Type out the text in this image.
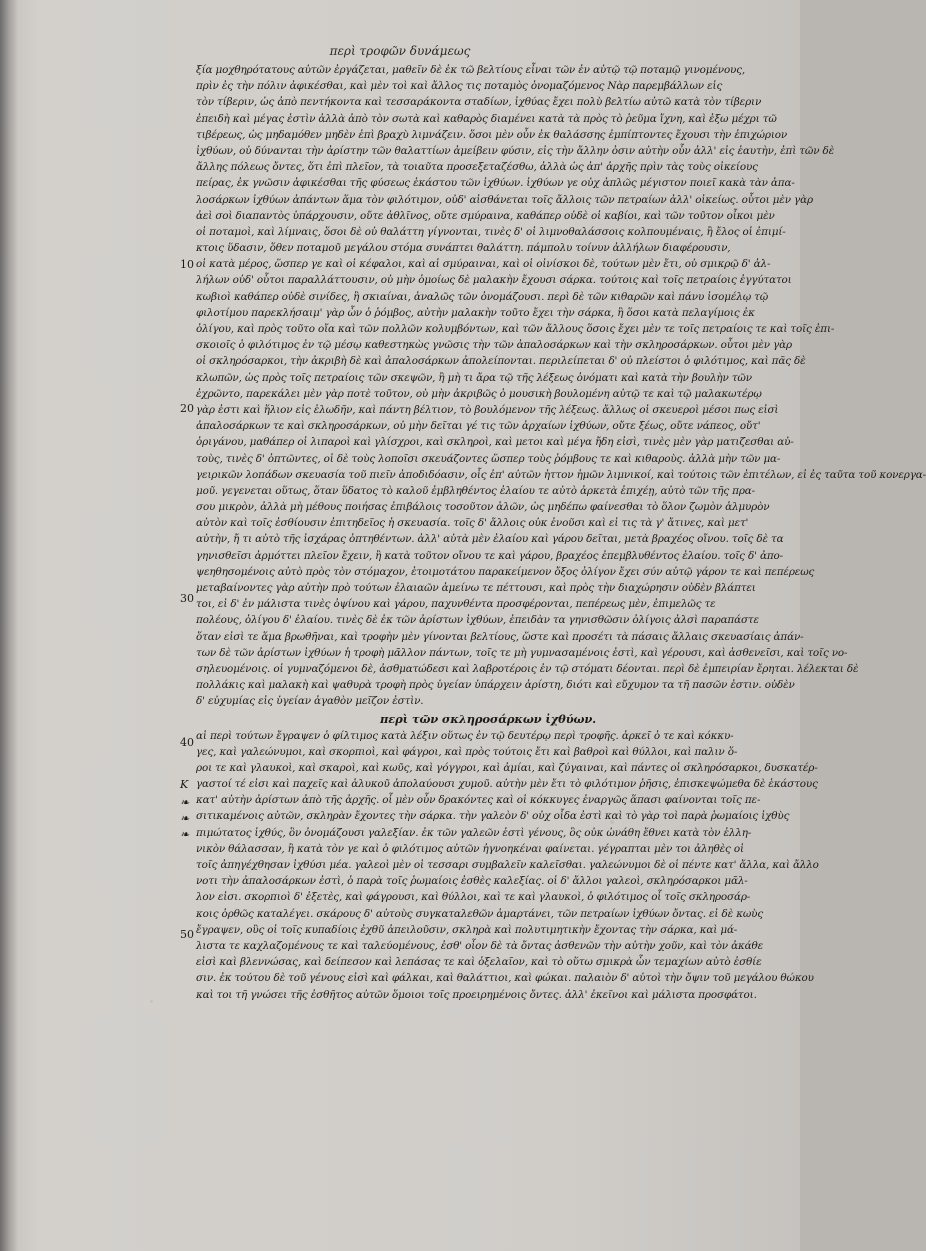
περὶ τροφῶν δυνάμεως
10
20
30
40
50
K
❧
❧
❧
ξία μοχθηρότατους αὐτῶν ἐργάζεται, μαθεῖν δὲ ἐκ τῶ βελτίους εἶναι τῶν ἐν αὐτῷ τῷ ποταμῷ γινομένους,
πρὶν ἐς τὴν πόλιν ἀφικέσθαι, καὶ μὲν τοὶ καὶ ἄλλος τις ποταμὸς ὀνομαζόμενος Νὰρ παρεμβάλλων εἰς
τὸν τίβεριν, ὡς ἀπὸ πεντήκοντα καὶ τεσσαράκοντα σταδίων, ἰχθύας ἔχει πολὺ βελτίω αὐτῶ κατὰ τὸν τίβεριν
ἐπειδὴ καὶ μέγας ἐστὶν ἀλλὰ ἀπὸ τὸν σωτὰ καὶ καθαρὸς διαμένει κατὰ τὰ πρὸς τὸ ῥεῦμα ἴχνη, καὶ ἐξω μέχρι τῶ
τιβέρεως, ὡς μηδαμόθεν μηδὲν ἐπὶ βραχὺ λιμνάζειν. ὅσοι μὲν οὖν ἐκ θαλάσσης ἐμπίπτοντες ἔχουσι τὴν ἐπιχώριον
ἰχθύων, οὐ δύνανται τὴν ἀρίστην τῶν θαλαττίων ἀμείβειν φύσιν, εἰς τὴν ἄλλην ὁσιν αὐτὴν οὖν ἀλλ' εἰς ἑαυτὴν, ἐπὶ τῶν δὲ
ἄλλης πόλεως ὄντες, ὅτι ἐπὶ πλεῖον, τὰ τοιαῦτα προσεξεταζέσθω, ἀλλὰ ὡς ἀπ' ἀρχῆς πρὶν τὰς τοὺς οἰκείους
πείρας, ἐκ γνῶσιν ἀφικέσθαι τῆς φύσεως ἑκάστου τῶν ἰχθύων. ἰχθύων γε οὐχ ἁπλῶς μέγιστον ποιεῖ κακὰ τὰν ἀπα-
λοσάρκων ἰχθύων ἁπάντων ἅμα τὸν φιλότιμον, οὐδ' αἰσθάνεται τοῖς ἄλλοις τῶν πετραίων ἀλλ' οἰκείως. οὗτοι μὲν γὰρ
ἀεὶ σοὶ διαπαντὸς ὑπάρχουσιν, οὔτε ἀθλῖνος, οὔτε σμύραινα, καθάπερ οὐδὲ οἱ καβίοι, καὶ τῶν τοῦτον οἶκοι μὲν
οἱ ποταμοὶ, καὶ λίμναις, ὅσοι δὲ οὐ θαλάττη γίγνονται, τινὲς δ' οἱ λιμνοθαλάσσοις κολπουμέναις, ἢ ἔλος οἱ ἐπιμί-
κτοις ὕδασιν, ὅθεν ποταμοῦ μεγάλου στόμα συνάπτει θαλάττη. πάμπολυ τοίνυν ἀλλήλων διαφέρουσιν,
οἱ κατὰ μέρος, ὥσπερ γε καὶ οἱ κέφαλοι, καὶ αἱ σμύραιναι, καὶ οἱ οἰνίσκοι δὲ, τούτων μὲν ἔτι, οὐ σμικρῷ δ' ἀλ-
λήλων οὐδ' οὗτοι παραλλάττουσιν, οὐ μὴν ὁμοίως δὲ μαλακὴν ἔχουσι σάρκα. τούτοις καὶ τοῖς πετραίοις ἐγγύτατοι
κωβιοὶ καθάπερ οὐδὲ σινίδες, ἢ σκιαίναι, ἀναλῶς τῶν ὀνομάζουσι. περὶ δὲ τῶν κιθαρῶν καὶ πάνυ ἰσομέλῳ τῷ
φιλοτίμου παρεκλήσαιμ' γὰρ ὧν ὁ ῥόμβος, αὐτὴν μαλακὴν τοῦτο ἔχει τὴν σάρκα, ἢ ὅσοι κατὰ πελαγίμοις ἐκ
ὀλίγου, καὶ πρὸς τοῦτο οἴα καὶ τῶν πολλῶν κολυμβόντων, καὶ τῶν ἄλλους ὅσοις ἔχει μὲν τε τοῖς πετραίοις τε καὶ τοῖς ἐπι-
σκοιοῖς ὁ φιλότιμος ἐν τῷ μέσῳ καθεστηκὼς γνῶσις τὴν τῶν ἀπαλοσάρκων καὶ τὴν σκληροσάρκων. οὗτοι μὲν γὰρ
οἱ σκληρόσαρκοι, τὴν ἀκριβὴ δὲ καὶ ἀπαλοσάρκων ἀπολείπονται. περιλείπεται δ' οὐ πλείστοι ὁ φιλότιμος, καὶ πᾶς δὲ
κλωπῶν, ὡς πρὸς τοῖς πετραίοις τῶν σκεψῶν, ἢ μὴ τι ἄρα τῷ τῆς λέξεως ὀνόματι καὶ κατὰ τὴν βουλὴν τῶν
ἐχρῶντο, παρεκάλει μὲν γὰρ ποτὲ τοῦτον, οὐ μὴν ἀκριβῶς ὁ μουσικὴ βουλομένη αὐτῷ τε καὶ τῷ μαλακωτέρῳ
γὰρ ἐστι καὶ ἥλιον εἰς ἑλωδῆν, καὶ πάντη βέλτιον, τὸ βουλόμενον τῆς λέξεως. ἄλλως οἱ σκευεροὶ μέσοι πως εἰσὶ
ἀπαλοσάρκων τε καὶ σκληροσάρκων, οὐ μὴν δεῖται γέ τις τῶν ἀρχαίων ἰχθύων, οὔτε ξέως, οὔτε νάπεος, οὔτ'
ὀριγάνου, μαθάπερ οἱ λιπαροὶ καὶ γλίσχροι, καὶ σκληροὶ, καὶ μετοι καὶ μέγα ἤδη εἰσὶ, τινὲς μὲν γὰρ ματιζεσθαι αὐ-
τοὺς, τινὲς δ' ὀπτῶντες, οἱ δὲ τοὺς λοποῖσι σκευάζοντες ὥσπερ τοὺς ῥόμβους τε καὶ κιθαροὺς. ἀλλὰ μὴν τῶν μα-
γειρικῶν λοπάδων σκευασία τοῦ πιεῖν ἀποδιδόασιν, οἷς ἐπ' αὐτῶν ἡττον ἡμῶν λιμνικοί, καὶ τούτοις τῶν ἐπιτέλων, εἰ ἐς ταῦτα τοῦ κονεργα-
μοῦ. γεγενεται οὕτως, ὅταν ὕδατος τὸ καλοῦ ἐμβληθέντος ἐλαίου τε αὐτὸ ἀρκετὰ ἐπιχέῃ, αὐτὸ τῶν τῆς πρα-
σου μικρὸν, ἀλλὰ μὴ μέθους ποιήσας ἐπιβάλοις τοσοῦτον ἁλῶν, ὡς μηδέπω φαίνεσθαι τὸ ὅλον ζωμὸν ἁλμυρὸν
αὐτὸν καὶ τοῖς ἐσθίουσιν ἐπιτηδεῖος ἡ σκευασία. τοῖς δ' ἄλλοις οὐκ ἐνοῦσι καὶ εἰ τις τὰ γ' ἄτινες, καὶ μετ'
αὐτὴν, ἤ τι αὐτὸ τῆς ἰσχάρας ὀπτηθέντων. ἀλλ' αὐτὰ μὲν ἐλαίου καὶ γάρου δεῖται, μετὰ βραχέος οἴνου. τοῖς δὲ τα
γηνισθεῖσι ἀρμόττει πλεῖον ἔχειν, ἢ κατὰ τοῦτον οἴνου τε καὶ γάρου, βραχέος ἐπεμβλυθέντος ἐλαίου. τοῖς δ' ἀπο-
ψεηθησομένοις αὐτὸ πρὸς τὸν στόμαχον, ἑτοιμοτάτου παρακείμενον ὄξος ὀλίγον ἔχει σύν αὐτῷ γάρον τε καὶ πεπέρεως
μεταβαίνοντες γὰρ αὐτὴν πρὸ τούτων ἐλαιαῶν ἀμείνω τε πέττουσι, καὶ πρὸς τὴν διαχώρησιν οὐδὲν βλάπτει
τοι, εἰ δ' ἐν μάλιστα τινὲς ὀψίνου καὶ γάρου, παχυνθέντα προσφέρονται, πεπέρεως μὲν, ἐπιμελῶς τε
πολέους, ὀλίγου δ' ἐλαίου. τινὲς δὲ ἐκ τῶν ἀρίστων ἰχθύων, ἐπειδὰν τα γηνισθῶσιν ὀλίγοις ἁλσὶ παραπάστε
ὅταν εἰσὶ τε ἅμα βρωθῆναι, καὶ τροφὴν μὲν γίνονται βελτίους, ὥστε καὶ προσέτι τὰ πάσαις ἄλλαις σκευασίαις ἀπάν-
των δὲ τῶν ἀρίστων ἰχθύων ἡ τροφὴ μᾶλλον πάντων, τοῖς τε μὴ γυμνασαμένοις ἐστὶ, καὶ γέρουσι, καὶ ἀσθενεῖσι, καὶ τοῖς νο-
σηλευομένοις. οἱ γυμναζόμενοι δὲ, ἀσθματώδεσι καὶ λαβροτέροις ἐν τῷ στόματι δέονται. περὶ δὲ ἐμπειρίαν ἔρηται. λέλεκται δὲ
πολλάκις καὶ μαλακὴ καὶ ψαθυρὰ τροφὴ πρὸς ὑγείαν ὑπάρχειν ἀρίστη, διότι καὶ εὔχυμον τα τῆ πασῶν ἐστιν. οὐδὲν
δ' εὐχυμίας εἰς ὑγείαν ἀγαθὸν μεῖζον ἐστὶν.
περὶ τῶν σκληροσάρκων ἰχθύων.
αἱ περὶ τούτων ἔγραψεν ὁ φίλτιμος κατὰ λέξιν οὕτως ἐν τῷ δευτέρῳ περὶ τροφῆς. ἀρκεῖ ὁ τε καὶ κόκκυ-
γες, καὶ γαλεώνυμοι, καὶ σκορπιοὶ, καὶ φάγροι, καὶ πρὸς τούτοις ἔτι καὶ βαθροὶ καὶ θύλλοι, καὶ παλιν ὅ-
ροι τε καὶ γλαυκοὶ, καὶ σκαροὶ, καὶ κωῦς, καὶ γόγγροι, καὶ ἀμίαι, καὶ ζύγαιναι, καὶ πάντες οἱ σκληρόσαρκοι, δυσκατέρ-
γαστοί τέ εἰσι καὶ παχεῖς καὶ ἁλυκοῦ ἀπολαύουσι χυμοῦ. αὐτὴν μὲν ἔτι τὸ φιλότιμον ῥῆσις, ἐπισκεψώμεθα δὲ ἑκάστους
κατ' αὐτὴν ἀρίστων ἀπὸ τῆς ἀρχῆς. οἷ μὲν οὖν δρακόντες καὶ οἱ κόκκυγες ἐναργῶς ἅπασι φαίνονται τοῖς πε-
σιτικαμένοις αὐτῶν, σκληρὰν ἔχοντες τὴν σάρκα. τὴν γαλεὸν δ' οὐχ οἷδα ἐστὶ καὶ τὸ γὰρ τοὶ παρὰ ῥωμαίοις ἰχθὺς
πιμώτατος ἰχθύς, ὃν ὀνομάζουσι γαλεξίαν. ἐκ τῶν γαλεῶν ἐστὶ γένους, ὃς οὐκ ὠνάθη ἔθνει κατὰ τὸν ἑλλη-
νικὸν θάλασσαν, ἢ κατὰ τὸν γε καὶ ὁ φιλότιμος αὐτῶν ἠγνοηκέναι φαίνεται. γέγραπται μὲν τοι ἀληθὲς οἱ
τοῖς ἀπηγέχθησαν ἰχθύσι μέα. γαλεοὶ μὲν οἱ τεσσαρι συμβαλεῖν καλεῖσθαι. γαλεώνυμοι δὲ οἱ πέντε κατ' ἄλλα, καὶ ἄλλο
νοτι τὴν ἀπαλοσάρκων ἐστὶ, ὁ παρὰ τοῖς ῥωμαίοις ἐσθὲς καλεξίας. οἱ δ' ἄλλοι γαλεοὶ, σκληρόσαρκοι μᾶλ-
λον εἰσι. σκορπιοὶ δ' ἐξετὲς, καὶ φάγρουσι, καὶ θύλλοι, καὶ τε καὶ γλαυκοὶ, ὁ φιλότιμος οἷ τοῖς σκληροσάρ-
κοις ὀρθῶς καταλέγει. σκάρους δ' αὐτοὺς συγκαταλεθῶν ἁμαρτάνει, τῶν πετραίων ἰχθύων ὄντας. εἰ δὲ κωὺς
ἔγραψεν, οὓς οἱ τοῖς κυπαδίοις ἐχθῦ ἀπειλοῦσιν, σκληρὰ καὶ πολυτιμητικὴν ἔχοντας τὴν σάρκα, καὶ μά-
λιστα τε καχλαζομένους τε καὶ ταλεύομένους, ἐσθ' οἷον δὲ τὰ ὄντας ἀσθενῶν τὴν αὐτὴν χοῦν, καὶ τὸν ἀκάθε
εἰσὶ καὶ βλεννώσας, καὶ δείπεσον καὶ λεπάσας τε καὶ ὀξελαῖον, καὶ τὸ οὕτω σμικρὰ ὧν τεμαχίων αὐτὸ ἐσθίε
σιν. ἐκ τούτου δὲ τοῦ γένους εἰσὶ καὶ φάλκαι, καὶ θαλάττιοι, καὶ φώκαι. παλαιὸν δ' αὐτοὶ τὴν ὄψιν τοῦ μεγάλου θώκου
καὶ τοι τῆ γνώσει τῆς ἐσθῆτος αὐτῶν ὅμοιοι τοῖς προειρημένοις ὄντες. ἀλλ' ἐκεῖνοι καὶ μάλιστα προσφάτοι.
